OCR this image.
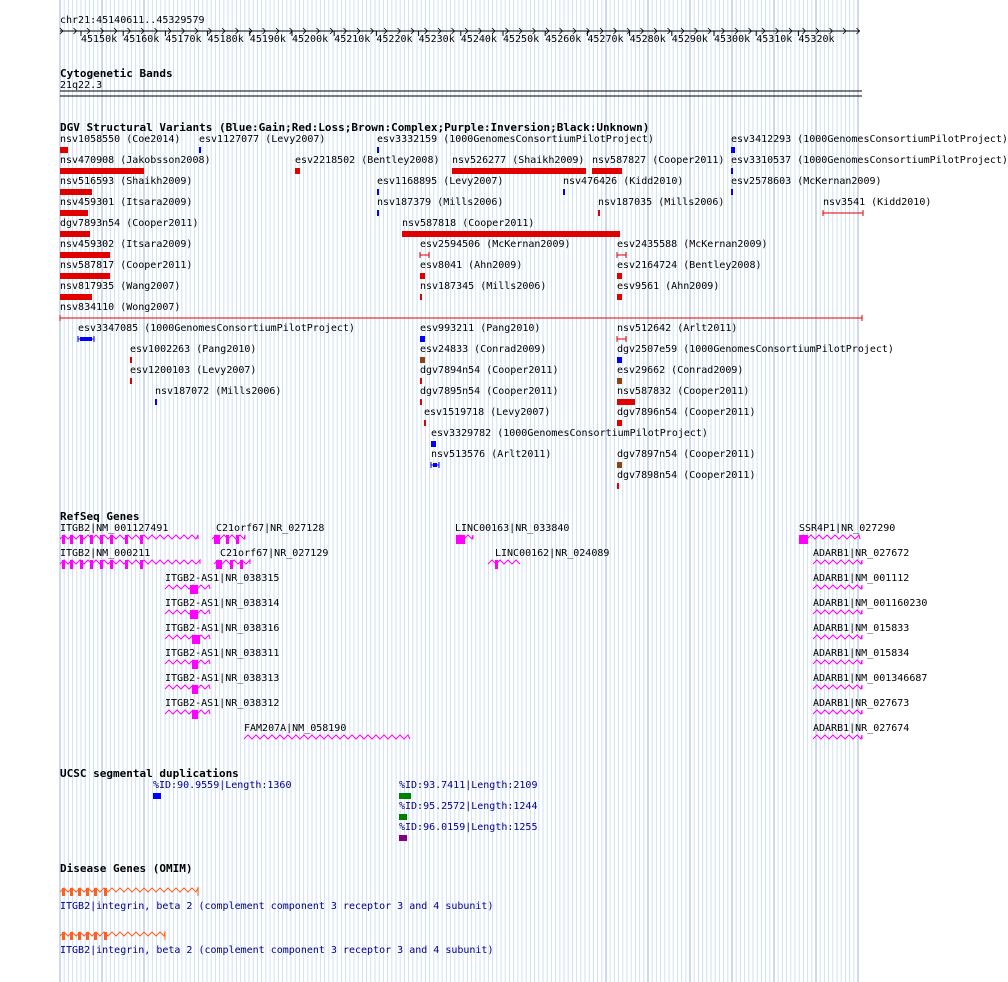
chr21:45140611..45329579
45150k 45160k 45170k 45180k 45190k 45200k 45210k 45220k 45230k 45240k 45250k 45260k 45270k 45280k 45290k 45300k 45310k 45320k
Cytogenetic Bands
21q22.3
DGV Structural Variants (Blue:Gain;Red:Loss;Brown:Complex;Purple:Inversion;Black:Unknown)
nsv1058550 (Coe2014) esv1127077 (Levy2007)	esv3332159 (1000GenomesConsortiumPilotProject)	esv3412293 (1000GenomesConsortiumPilotProject)
nsv470908 (Jakobsson2008)	esv2218502 (Bentley2008) nsv526277 (Shaikh2009) nsv587827 (Cooper2011) esv3310537 (1000GenomesConsortiumPilotProject)
nsv516593 (Shaikh2009)	esv1168895 (Levy2007)	nsv476426 (Kidd2010)	esv2578603 (McKernan2009)
nsv459301 (Itsara2009)	nsv187379 (Mills2006)	nsv187035 (Mills2006)	nsv3541 (Kidd2010)
dgv7893n54 (Cooper2011)	nsv587818 (Cooper2011)
nsv459302 (Itsara2009)	esv2594506 (McKernan2009)	esv2435588 (McKernan2009)
nsv587817 (Cooper2011)	esv8041 (Ahn2009)	esv2164724 (Bentley2008)
nsv817935 (Wang2007)	nsv187345 (Mills2006)	esv9561 (Ahn2009)
nsv834110 (Wong2007)
esv3347085 (1000GenomesConsortiumPilotProject)	esv993211 (Pang2010)	nsv512642 (Arlt2011)
esv1002263 (Pang2010)	esv24833 (Conrad2009)	dgv2507e59 (1000GenomesConsortiumPilotProject)
esv1200103 (Levy2007)	dgv7894n54 (Cooper2011)	esv29662 (Conrad2009)
nsv187072 (Mills2006)	dgv7895n54 (Cooper2011)	nsv587832 (Cooper2011)
esv1519718 (Levy2007)	dgv7896n54 (Cooper2011)
esv3329782 (1000GenomesConsortiumPilotProject)
nsv513576 (Arlt2011)	dgv7897n54 (Cooper2011)
dgv7898n54 (Cooper2011)
RefSeq Genes
ITGB2|NM_001127491	C21orf67|NR_027128	LINC00163|NR_033840	SSR4P1|NR_027290
ITGB2|NM_000211	C21orf67|NR_027129	LINC00162|NR_024089	ADARB1|NR_027672
ITGB2-AS1|NR_038315	ADARB1|NM_001112
ITGB2-AS1|NR_038314	ADARB1|NM_001160230
ITGB2-AS1|NR_038316	ADARB1|NM_015833
ITGB2-AS1|NR_038311	ADARB1|NM_015834
ITGB2-AS1|NR_038313	ADARB1|NM_001346687
ITGB2-AS1|NR_038312	ADARB1|NR_027673
FAM207A|NM_058190	ADARB1|NR_027674
UCSC segmental duplications
%ID:90.9559|Length:1360	%ID:93.7411|Length:2109
%ID:95.2572|Length:1244
%ID:96.0159|Length:1255
Disease Genes (OMIM)
ITGB2|integrin, beta 2 (complement component 3 receptor 3 and 4 subunit)
ITGB2|integrin, beta 2 (complement component 3 receptor 3 and 4 subunit)
